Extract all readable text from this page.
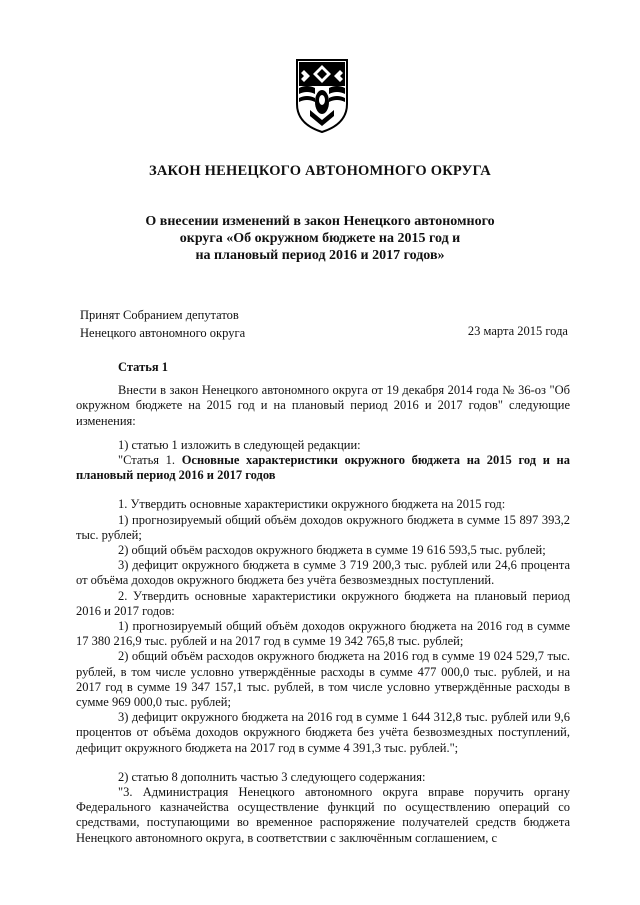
ЗАКОН НЕНЕЦКОГО АВТОНОМНОГО ОКРУГА
О внесении изменений в закон Ненецкого автономного
округа «Об окружном бюджете на 2015 год и
на плановый период 2016 и 2017 годов»
Принят Собранием депутатов
Ненецкого автономного округа	23 марта 2015 года

Статья 1

Внести в закон Ненецкого автономного округа от 19 декабря 2014 года № 36-оз "Об окружном бюджете на 2015 год и на плановый период 2016 и 2017 годов" следующие изменения:

1) статью 1 изложить в следующей редакции:

"Статья 1. Основные характеристики окружного бюджета на 2015 год и на плановый период 2016 и 2017 годов

1. Утвердить основные характеристики окружного бюджета на 2015 год:

1) прогнозируемый общий объём доходов окружного бюджета в сумме 15 897 393,2 тыс. рублей;

2) общий объём расходов окружного бюджета в сумме 19 616 593,5 тыс. рублей;

3) дефицит окружного бюджета в сумме 3 719 200,3 тыс. рублей или 24,6 процента от объёма доходов окружного бюджета без учёта безвозмездных поступлений.

2. Утвердить основные характеристики окружного бюджета на плановый период 2016 и 2017 годов:

1) прогнозируемый общий объём доходов окружного бюджета на 2016 год в сумме 17 380 216,9 тыс. рублей и на 2017 год в сумме 19 342 765,8 тыс. рублей;

2) общий объём расходов окружного бюджета на 2016 год в сумме 19 024 529,7 тыс. рублей, в том числе условно утверждённые расходы в сумме 477 000,0 тыс. рублей, и на 2017 год в сумме 19 347 157,1 тыс. рублей, в том числе условно утверждённые расходы в сумме 969 000,0 тыс. рублей;

3) дефицит окружного бюджета на 2016 год в сумме 1 644 312,8 тыс. рублей или 9,6 процентов от объёма доходов окружного бюджета без учёта безвозмездных поступлений, дефицит окружного бюджета на 2017 год в сумме 4 391,3 тыс. рублей.";

2) статью 8 дополнить частью 3 следующего содержания:

"3. Администрация Ненецкого автономного округа вправе поручить органу Федерального казначейства осуществление функций по осуществлению операций со средствами, поступающими во временное распоряжение получателей средств бюджета Ненецкого автономного округа, в соответствии с заключённым соглашением, с
